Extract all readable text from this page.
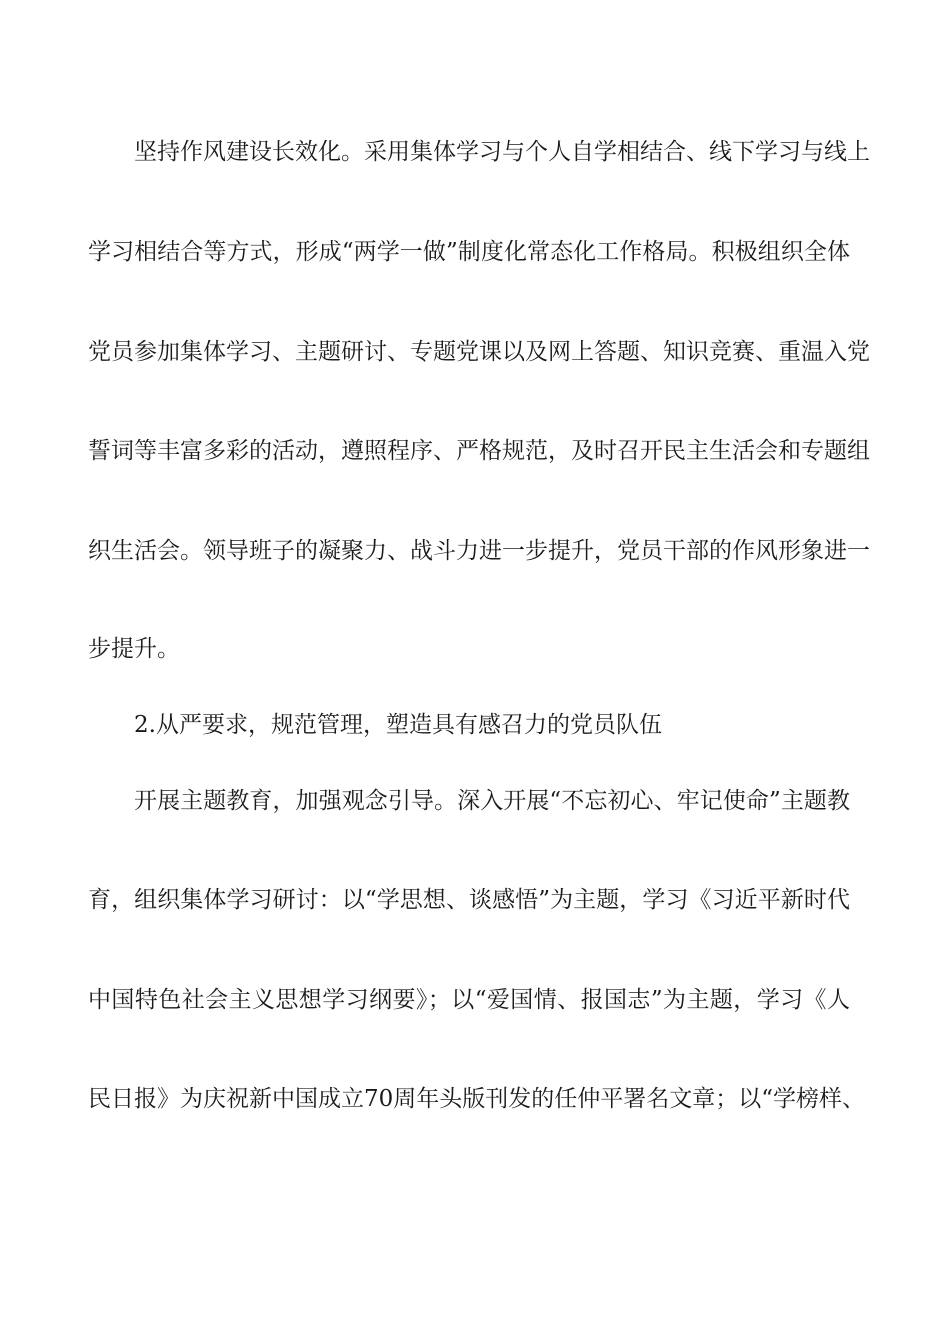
坚持作风建设长效化。采用集体学习与个人自学相结合、线下学习与线上
学习相结合等方式，形成“两学一做”制度化常态化工作格局。积极组织全体
党员参加集体学习、主题研讨、专题党课以及网上答题、知识竞赛、重温入党
誓词等丰富多彩的活动，遵照程序、严格规范，及时召开民主生活会和专题组
织生活会。领导班子的凝聚力、战斗力进一步提升，党员干部的作风形象进一
步提升。
2.从严要求，规范管理，塑造具有感召力的党员队伍
开展主题教育，加强观念引导。深入开展“不忘初心、牢记使命”主题教
育，组织集体学习研讨：以“学思想、谈感悟”为主题，学习《习近平新时代
中国特色社会主义思想学习纲要》；以“爱国情、报国志”为主题，学习《人
民日报》为庆祝新中国成立70周年头版刊发的任仲平署名文章；以“学榜样、
